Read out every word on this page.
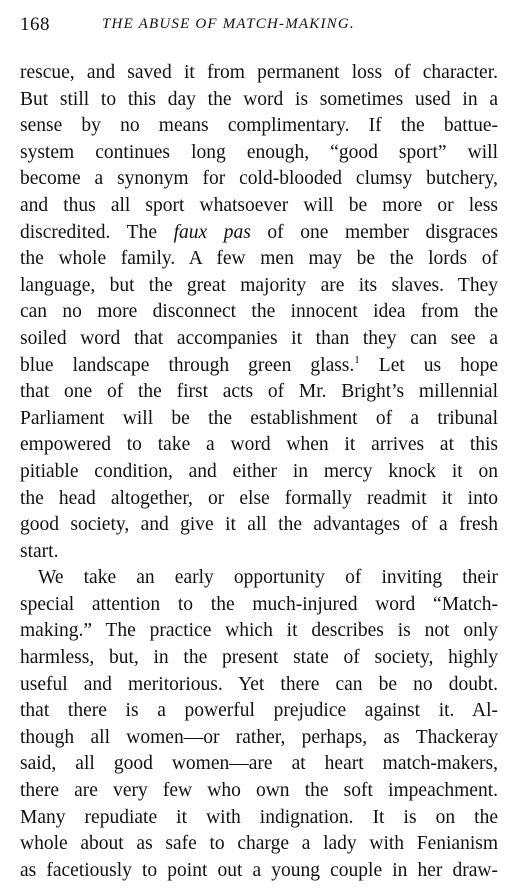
168	THE ABUSE OF MATCH-MAKING.
rescue, and saved it from permanent loss of character.
But still to this day the word is sometimes used in a
sense by no means complimentary. If the battue-
system continues long enough, “good sport” will
become a synonym for cold-blooded clumsy butchery,
and thus all sport whatsoever will be more or less
discredited. The faux pas of one member disgraces
the whole family. A few men may be the lords of
language, but the great majority are its slaves. They
can no more disconnect the innocent idea from the
soiled word that accompanies it than they can see a
blue landscape through green glass.$^1$ Let us hope
that one of the first acts of Mr. Bright’s millennial
Parliament will be the establishment of a tribunal
empowered to take a word when it arrives at this
pitiable condition, and either in mercy knock it on
the head altogether, or else formally readmit it into
good society, and give it all the advantages of a fresh
start.
We take an early opportunity of inviting their
special attention to the much-injured word “Match-
making.” The practice which it describes is not only
harmless, but, in the present state of society, highly
useful and meritorious. Yet there can be no doubt.
that there is a powerful prejudice against it. Al-
though all women—or rather, perhaps, as Thackeray
said, all good women—are at heart match-makers,
there are very few who own the soft impeachment.
Many repudiate it with indignation. It is on the
whole about as safe to charge a lady with Fenianism
as facetiously to point out a young couple in her draw-
